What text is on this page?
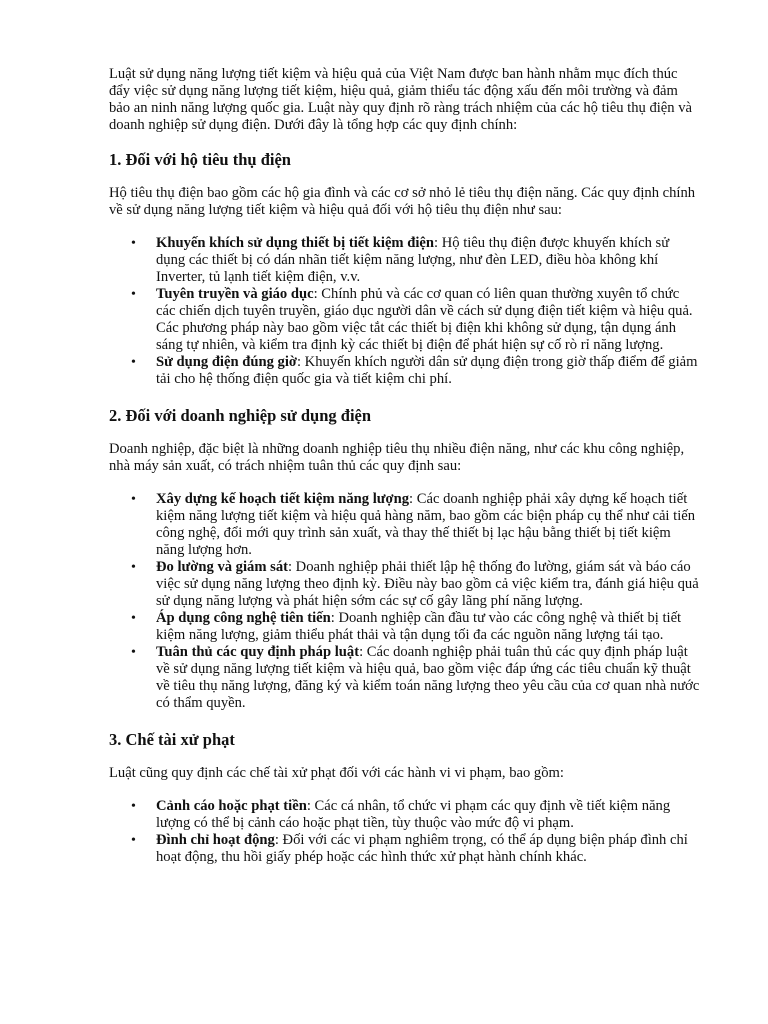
Luật sử dụng năng lượng tiết kiệm và hiệu quả của Việt Nam được ban hành nhằm mục đích thúc đẩy việc sử dụng năng lượng tiết kiệm, hiệu quả, giảm thiểu tác động xấu đến môi trường và đảm bảo an ninh năng lượng quốc gia. Luật này quy định rõ ràng trách nhiệm của các hộ tiêu thụ điện và doanh nghiệp sử dụng điện. Dưới đây là tổng hợp các quy định chính:

1. Đối với hộ tiêu thụ điện

Hộ tiêu thụ điện bao gồm các hộ gia đình và các cơ sở nhỏ lẻ tiêu thụ điện năng. Các quy định chính về sử dụng năng lượng tiết kiệm và hiệu quả đối với hộ tiêu thụ điện như sau:

• Khuyến khích sử dụng thiết bị tiết kiệm điện: Hộ tiêu thụ điện được khuyến khích sử dụng các thiết bị có dán nhãn tiết kiệm năng lượng, như đèn LED, điều hòa không khí Inverter, tủ lạnh tiết kiệm điện, v.v.
• Tuyên truyền và giáo dục: Chính phủ và các cơ quan có liên quan thường xuyên tổ chức các chiến dịch tuyên truyền, giáo dục người dân về cách sử dụng điện tiết kiệm và hiệu quả. Các phương pháp này bao gồm việc tắt các thiết bị điện khi không sử dụng, tận dụng ánh sáng tự nhiên, và kiểm tra định kỳ các thiết bị điện để phát hiện sự cố rò rỉ năng lượng.
• Sử dụng điện đúng giờ: Khuyến khích người dân sử dụng điện trong giờ thấp điểm để giảm tải cho hệ thống điện quốc gia và tiết kiệm chi phí.
2. Đối với doanh nghiệp sử dụng điện

Doanh nghiệp, đặc biệt là những doanh nghiệp tiêu thụ nhiều điện năng, như các khu công nghiệp, nhà máy sản xuất, có trách nhiệm tuân thủ các quy định sau:

• Xây dựng kế hoạch tiết kiệm năng lượng: Các doanh nghiệp phải xây dựng kế hoạch tiết kiệm năng lượng tiết kiệm và hiệu quả hàng năm, bao gồm các biện pháp cụ thể như cải tiến công nghệ, đổi mới quy trình sản xuất, và thay thế thiết bị lạc hậu bằng thiết bị tiết kiệm năng lượng hơn.
• Đo lường và giám sát: Doanh nghiệp phải thiết lập hệ thống đo lường, giám sát và báo cáo việc sử dụng năng lượng theo định kỳ. Điều này bao gồm cả việc kiểm tra, đánh giá hiệu quả sử dụng năng lượng và phát hiện sớm các sự cố gây lãng phí năng lượng.
• Áp dụng công nghệ tiên tiến: Doanh nghiệp cần đầu tư vào các công nghệ và thiết bị tiết kiệm năng lượng, giảm thiểu phát thải và tận dụng tối đa các nguồn năng lượng tái tạo.
• Tuân thủ các quy định pháp luật: Các doanh nghiệp phải tuân thủ các quy định pháp luật về sử dụng năng lượng tiết kiệm và hiệu quả, bao gồm việc đáp ứng các tiêu chuẩn kỹ thuật về tiêu thụ năng lượng, đăng ký và kiểm toán năng lượng theo yêu cầu của cơ quan nhà nước có thẩm quyền.
3. Chế tài xử phạt

Luật cũng quy định các chế tài xử phạt đối với các hành vi vi phạm, bao gồm:

• Cảnh cáo hoặc phạt tiền: Các cá nhân, tổ chức vi phạm các quy định về tiết kiệm năng lượng có thể bị cảnh cáo hoặc phạt tiền, tùy thuộc vào mức độ vi phạm.
• Đình chỉ hoạt động: Đối với các vi phạm nghiêm trọng, có thể áp dụng biện pháp đình chỉ hoạt động, thu hồi giấy phép hoặc các hình thức xử phạt hành chính khác.
